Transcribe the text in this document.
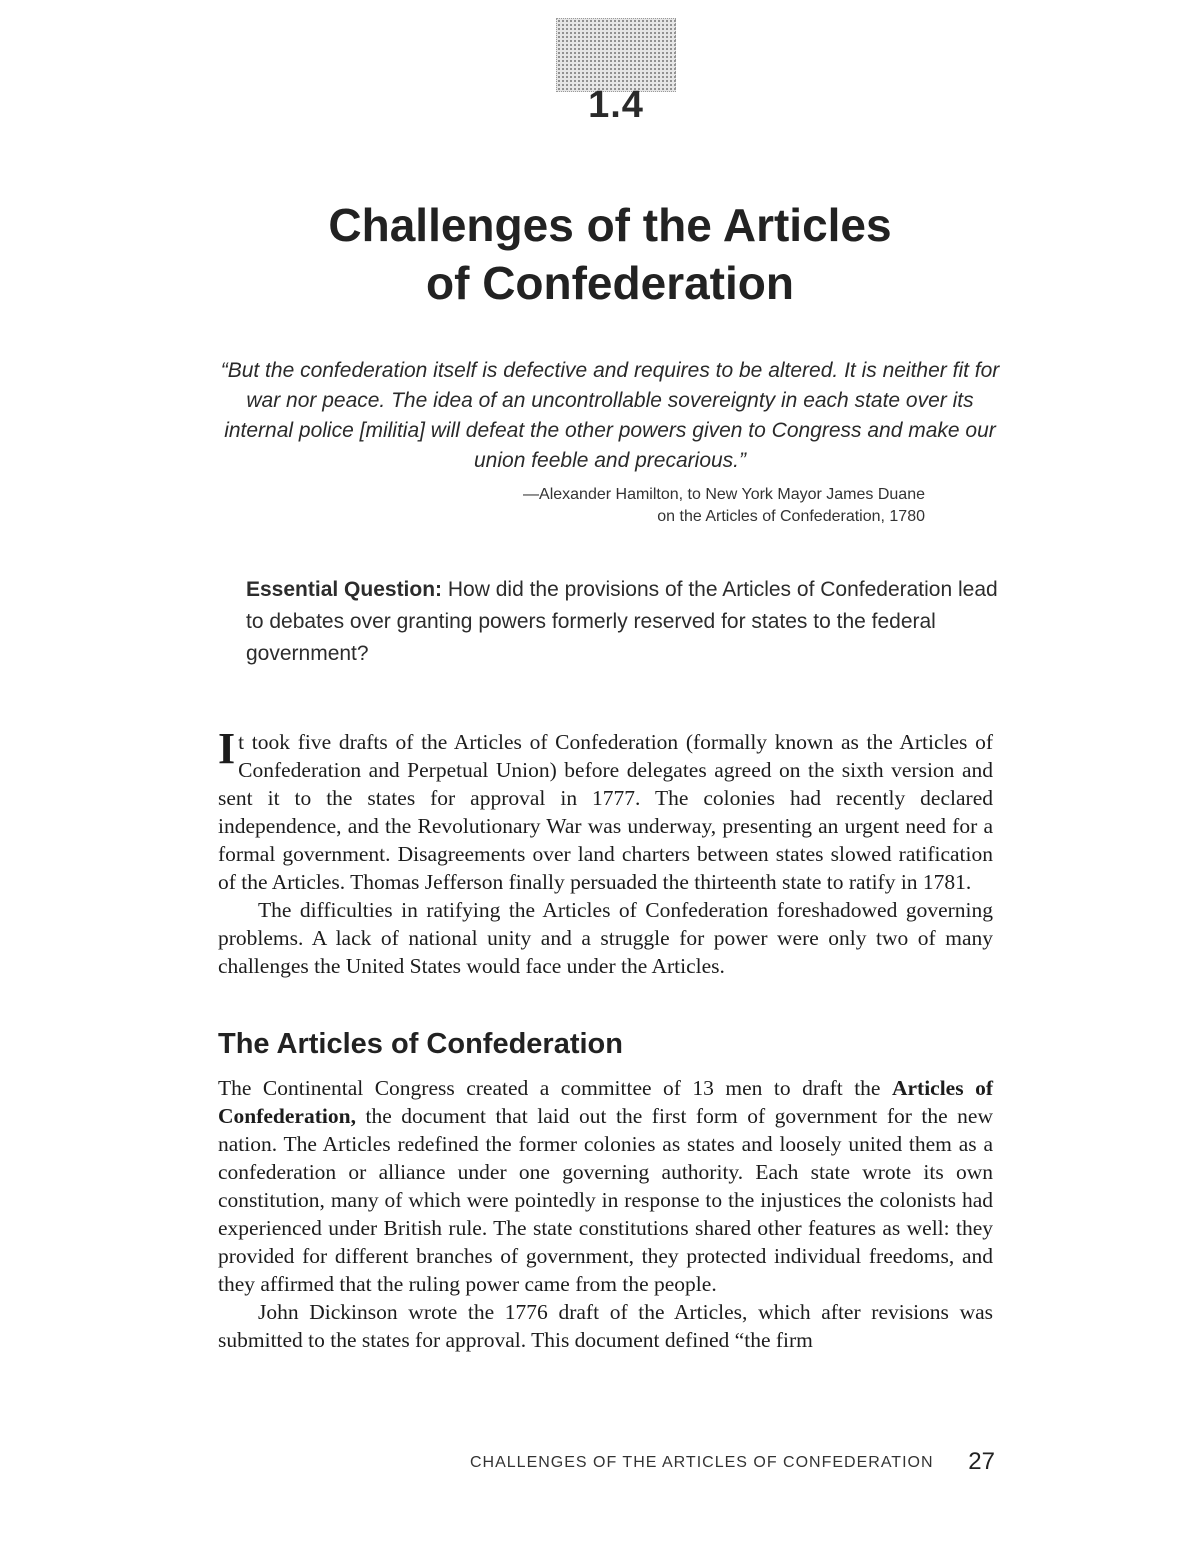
1.4
Challenges of the Articles
of Confederation
“But the confederation itself is defective and requires to be altered. It is neither fit for war nor peace. The idea of an uncontrollable sovereignty in each state over its internal police [militia] will defeat the other powers given to Congress and make our union feeble and precarious.”
—Alexander Hamilton, to New York Mayor James Duane
on the Articles of Confederation, 1780
Essential Question: How did the provisions of the Articles of Confederation lead to debates over granting powers formerly reserved for states to the federal government?

It took five drafts of the Articles of Confederation (formally known as the Articles of Confederation and Perpetual Union) before delegates agreed on the sixth version and sent it to the states for approval in 1777. The colonies had recently declared independence, and the Revolutionary War was underway, presenting an urgent need for a formal government. Disagreements over land charters between states slowed ratification of the Articles. Thomas Jefferson finally persuaded the thirteenth state to ratify in 1781.

The difficulties in ratifying the Articles of Confederation foreshadowed governing problems. A lack of national unity and a struggle for power were only two of many challenges the United States would face under the Articles.

The Articles of Confederation

The Continental Congress created a committee of 13 men to draft the Articles of Confederation, the document that laid out the first form of government for the new nation. The Articles redefined the former colonies as states and loosely united them as a confederation or alliance under one governing authority. Each state wrote its own constitution, many of which were pointedly in response to the injustices the colonists had experienced under British rule. The state constitutions shared other features as well: they provided for different branches of government, they protected individual freedoms, and they affirmed that the ruling power came from the people.

John Dickinson wrote the 1776 draft of the Articles, which after revisions was submitted to the states for approval. This document defined “the firm

CHALLENGES OF THE ARTICLES OF CONFEDERATION	27
